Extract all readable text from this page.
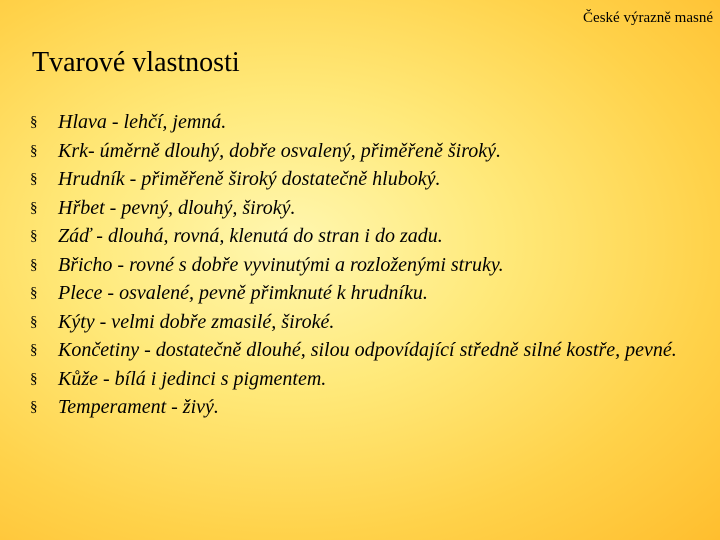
České výrazně masné
Tvarové vlastnosti
§	Hlava - lehčí, jemná.
§	Krk- úměrně dlouhý, dobře osvalený, přiměřeně široký.
§	Hrudník - přiměřeně široký dostatečně hluboký.
§	Hřbet - pevný, dlouhý, široký.
§	Záď - dlouhá, rovná, klenutá do stran i do zadu.
§	Břicho - rovné s dobře vyvinutými a rozloženými struky.
§	Plece - osvalené, pevně přimknuté k hrudníku.
§	Kýty - velmi dobře zmasilé, široké.
§	Končetiny - dostatečně dlouhé, silou odpovídající středně silné kostře, pevné.
§	Kůže - bílá i jedinci s pigmentem.
§	Temperament - živý.
